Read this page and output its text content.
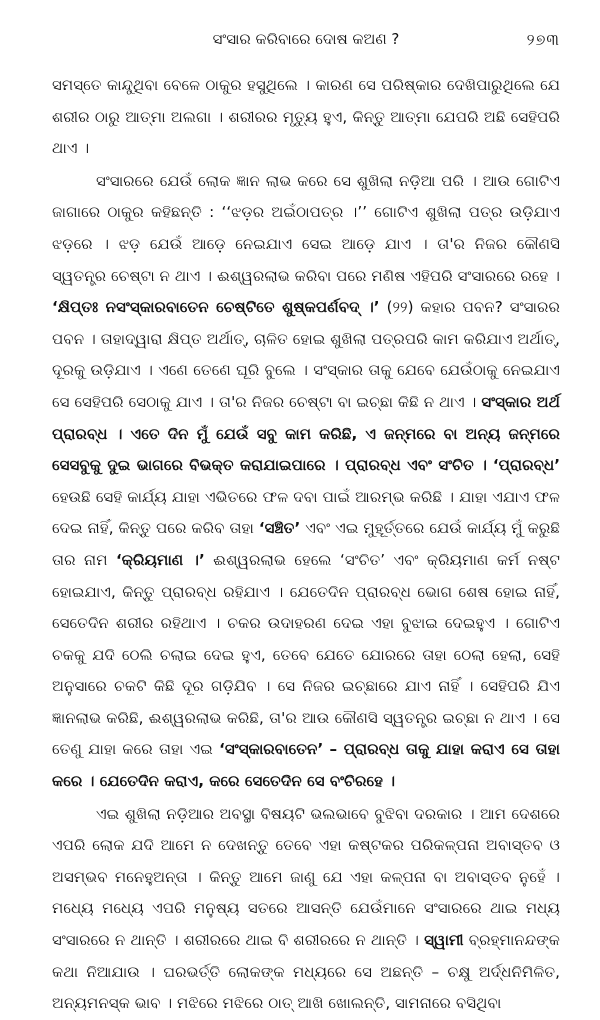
ସଂସାର କରିବାରେ ଦୋଷ କଅଣ ?	୨୭୩

ସମସ୍ତେ କାନ୍ଦୁଥିବା ବେଳେ ଠାକୁର ହସୁଥିଲେ । କାରଣ ସେ ପରିଷ୍କାର ଦେଖିପାରୁଥିଲେ ଯେ ଶରୀର ଠାରୁ ଆତ୍ମା ଅଲଗା । ଶରୀରର ମୃତ୍ୟୁ ହୁଏ, କିନ୍ତୁ ଆତ୍ମା ଯେପରି ଅଛି ସେହିପରି ଥାଏ ।

ସଂସାରରେ ଯେଉଁ ଲୋକ ଜ୍ଞାନ ଲାଭ କରେ ସେ ଶୁଖିଲା ନଡ଼ିଆ ପରି । ଆଉ ଗୋଟିଏ ଜାଗାରେ ଠାକୁର କହିଛନ୍ତି : ‘‘ଝଡ଼ର ଅଇଁଠାପତ୍ର ।’’ ଗୋଟିଏ ଶୁଖିଲା ପତ୍ର ଉଡ଼ିଯାଏ ଝଡ଼ରେ । ଝଡ଼ ଯେଉଁ ଆଡ଼େ ନେଇଯାଏ ସେଇ ଆଡ଼େ ଯାଏ । ତା'ର ନିଜର କୌଣସି ସ୍ୱତନ୍ତ୍ର ଚେଷ୍ଟା ନ ଥାଏ । ଈଶ୍ୱରଲାଭ କରିବା ପରେ ମଣିଷ ଏହିପରି ସଂସାରରେ ରହେ । ‘କ୍ଷିପ୍ତଃ ନସଂସ୍କାରବାତେନ ଚେଷ୍ଟିତେ ଶୁଷ୍କପର୍ଣବଦ୍ ।’ (୨୨) କହାର ପବନ? ସଂସାରର ପବନ । ତାହାଦ୍ୱାରା କ୍ଷିପ୍ତ ଅର୍ଥାତ୍, ଚାଳିତ ହୋଇ ଶୁଖିଲା ପତ୍ରପରି କାମ କରିଯାଏ ଅର୍ଥାତ୍, ଦୂରକୁ ଉଡ଼ିଯାଏ । ଏଣେ ତେଣେ ଘୂରି ବୁଲେ । ସଂସ୍କାର ତାକୁ ଯେବେ ଯେଉଁଠାକୁ ନେଇଯାଏ ସେ ସେହିପରି ସେଠାକୁ ଯାଏ । ତା'ର ନିଜର ଚେଷ୍ଟା ବା ଇଚ୍ଛା କିଛି ନ ଥାଏ । ସଂସ୍କାର ଅର୍ଥ ପ୍ରାରବ୍ଧ । ଏତେ ଦିନ ମୁଁ ଯେଉଁ ସବୁ କାମ କରିଛି, ଏ ଜନ୍ମରେ ବା ଅନ୍ୟ ଜନ୍ମରେ ସେସବୁକୁ ଦୁଇ ଭାଗରେ ବିଭକ୍ତ କରାଯାଇପାରେ । ପ୍ରାରବ୍ଧ ଏବଂ ସଂଚିତ । ‘ପ୍ରାରବ୍ଧ’ ହେଉଛି ସେହି କାର୍ଯ୍ୟ ଯାହା ଏଭିତରେ ଫଳ ଦବା ପାଇଁ ଆରମ୍ଭ କରିଛି । ଯାହା ଏଯାଏ ଫଳ ଦେଇ ନାହିଁ, କିନ୍ତୁ ପରେ କରିବ ତାହା ‘ସଞ୍ଚିତ’ ଏବଂ ଏଇ ମୁହୂର୍ତ୍ତରେ ଯେଉଁ କାର୍ଯ୍ୟ ମୁଁ କରୁଛି ତାର ନାମ ‘କ୍ରିୟମାଣ ।’ ଈଶ୍ୱରଲାଭ ହେଲେ ‘ସଂଚିତ’ ଏବଂ କ୍ରିୟମାଣ କର୍ମ ନଷ୍ଟ ହୋଇଯାଏ, କିନ୍ତୁ ପ୍ରାରବ୍ଧ ରହିଯାଏ । ଯେତେଦିନ ପ୍ରାରବ୍ଧ ଭୋଗ ଶେଷ ହୋଇ ନାହିଁ, ସେତେଦିନ ଶରୀର ରହିଥାଏ । ଚକର ଉଦାହରଣ ଦେଇ ଏହା ବୁଝାଇ ଦେଇହୁଏ । ଗୋଟିଏ ଚକକୁ ଯଦି ଠେଲି ଚଲାଇ ଦେଇ ହୁଏ, ତେବେ ଯେତେ ଯୋରରେ ତାହା ଠେଲା ହେଲା, ସେହି ଅନୁସାରେ ଚକଟି କିଛି ଦୂର ଗଡ଼ିଯିବ । ସେ ନିଜର ଇଚ୍ଛାରେ ଯାଏ ନାହିଁ । ସେହିପରି ଯିଏ ଜ୍ଞାନଲାଭ କରିଛି, ଈଶ୍ୱରଲାଭ କରିଛି, ତା'ର ଆଉ କୌଣସି ସ୍ୱତନ୍ତ୍ର ଇଚ୍ଛା ନ ଥାଏ । ସେ ତେଣୁ ଯାହା କରେ ତାହା ଏଇ ‘ସଂସ୍କାରବାତେନ’ – ପ୍ରାରବ୍ଧ ତାକୁ ଯାହା କରାଏ ସେ ତାହା କରେ । ଯେତେଦିନ କରାଏ, କରେ ସେତେଦିନ ସେ ବଂଚିରହେ ।

ଏଇ ଶୁଖିଲା ନଡ଼ିଆର ଅବସ୍ଥା ବିଷୟଟି ଭଲଭାବେ ବୁଝିବା ଦରକାର । ଆମ ଦେଶରେ ଏପରି ଲୋକ ଯଦି ଆମେ ନ ଦେଖନ୍ତୁ ତେବେ ଏହା କଷ୍ଟକର ପରିକଳ୍ପନା ଅବାସ୍ତବ ଓ ଅସମ୍ଭବ ମନେହୁଅନ୍ତା । କିନ୍ତୁ ଆମେ ଜାଣୁ ଯେ ଏହା କଳ୍ପନା ବା ଅବାସ୍ତବ ନୁହେଁ । ମଧ୍ୟେ ମଧ୍ୟେ ଏପରି ମନୁଷ୍ୟ ସତରେ ଆସନ୍ତି ଯେଉଁମାନେ ସଂସାରରେ ଥାଇ ମଧ୍ୟ ସଂସାରରେ ନ ଥାନ୍ତି । ଶରୀରରେ ଥାଇ ବି ଶରୀରରେ ନ ଥାନ୍ତି । ସ୍ୱାମୀ ବ୍ରହ୍ମାନନ୍ଦଙ୍କ କଥା ନିଆଯାଉ । ଘରଭର୍ତ୍ତି ଲୋକଙ୍କ ମଧ୍ୟରେ ସେ ଅଛନ୍ତି – ଚକ୍ଷୁ ଅର୍ଦ୍ଧନିମିଳିତ, ଅନ୍ୟମନସ୍କ ଭାବ । ମଝିରେ ମଝିରେ ଠାତ୍ ଆଖି ଖୋଲନ୍ତି, ସାମନାରେ ବସିଥିବା
